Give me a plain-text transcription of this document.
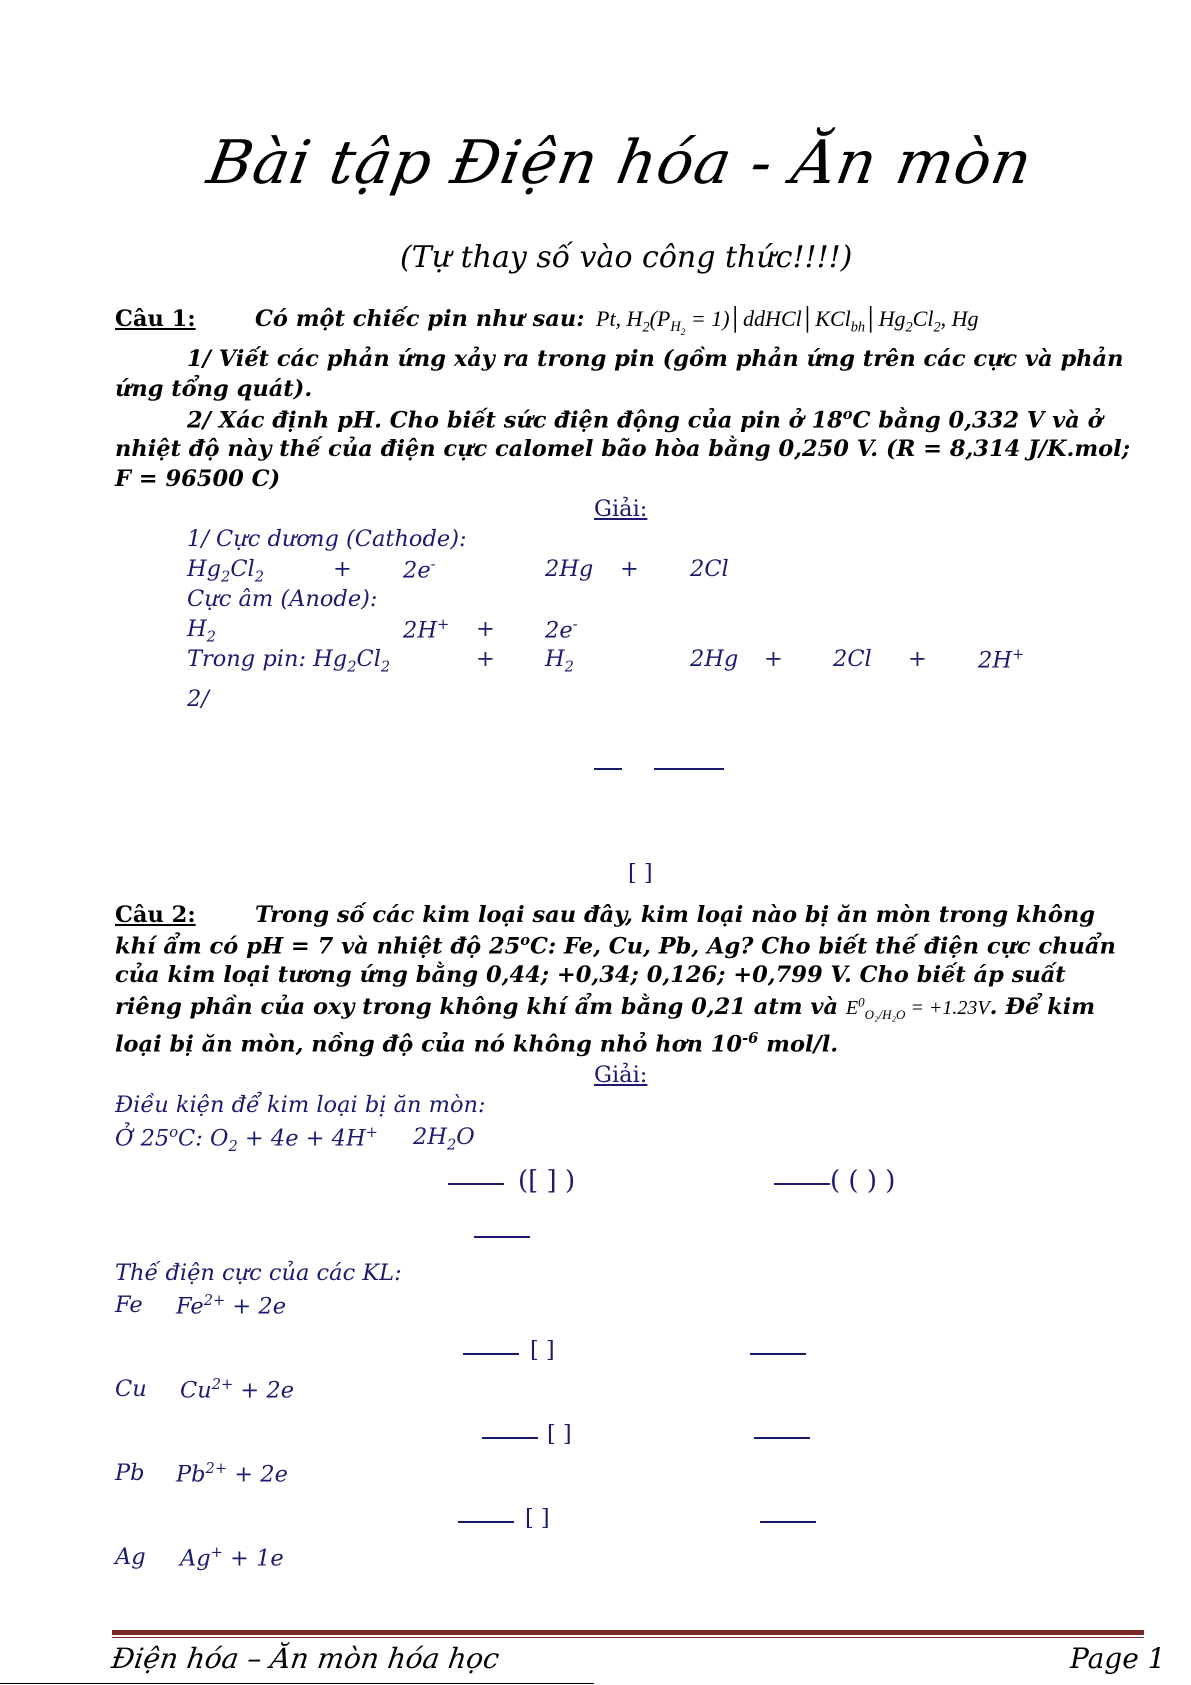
Bài tập Điện hóa - Ăn mòn
(Tự thay số vào công thức!!!!)
Câu 1:	Có một chiếc pin như sau: Pt, $H_2(P_{H_2}$ = $1)│ddHCl│KCl_{bh}│Hg_2Cl_2$, Hg
1/ Viết các phản ứng xảy ra trong pin (gồm phản ứng trên các cực và phản
ứng tổng quát).
2/ Xác định pH. Cho biết sức điện động của pin ở 18$^o$C bằng 0,332 V và ở
nhiệt độ này thế của điện cực calomel bão hòa bằng 0,250 V. (R = 8,314 J/K.mol;
F = 96500 C)
Giải:
1/ Cực dương (Cathode):
$Hg_2Cl_2$	+ 2e-	2Hg + 2Cl
Cực âm (Anode):
$H_2$	2H+ + 2e-
Trong pin: $Hg_2Cl_2$	+ $H_2$	2Hg + 2Cl + 2H+
2/
[ ]
Câu 2:	Trong số các kim loại sau đây, kim loại nào bị ăn mòn trong không
khí ẩm có pH = 7 và nhiệt độ 25$^o$C: Fe, Cu, Pb, Ag? Cho biết thế điện cực chuẩn
của kim loại tương ứng bằng 0,44; +0,34; 0,126; +0,799 V. Cho biết áp suất
riêng phần của oxy trong không khí ẩm bằng 0,21 atm và $E^0_{O_2/H_2O} = +1.23V$. Để kim
loại bị ăn mòn, nồng độ của nó không nhỏ hơn $10^{-6}$ mol/l.
Giải:
Điều kiện để kim loại bị ăn mòn:
Ở 25$^o$C: $O_2 + 4e + 4H^+$ $2H_2O$
([ ] )	( ( ) )
Thế điện cực của các KL:
Fe $Fe^{2+} + 2e$
[ ]
Cu $Cu^{2+} + 2e$
[ ]
Pb $Pb^{2+} + 2e$
[ ]
Ag Ag+ + 1e
Điện hóa – Ăn mòn hóa học	Page 1
